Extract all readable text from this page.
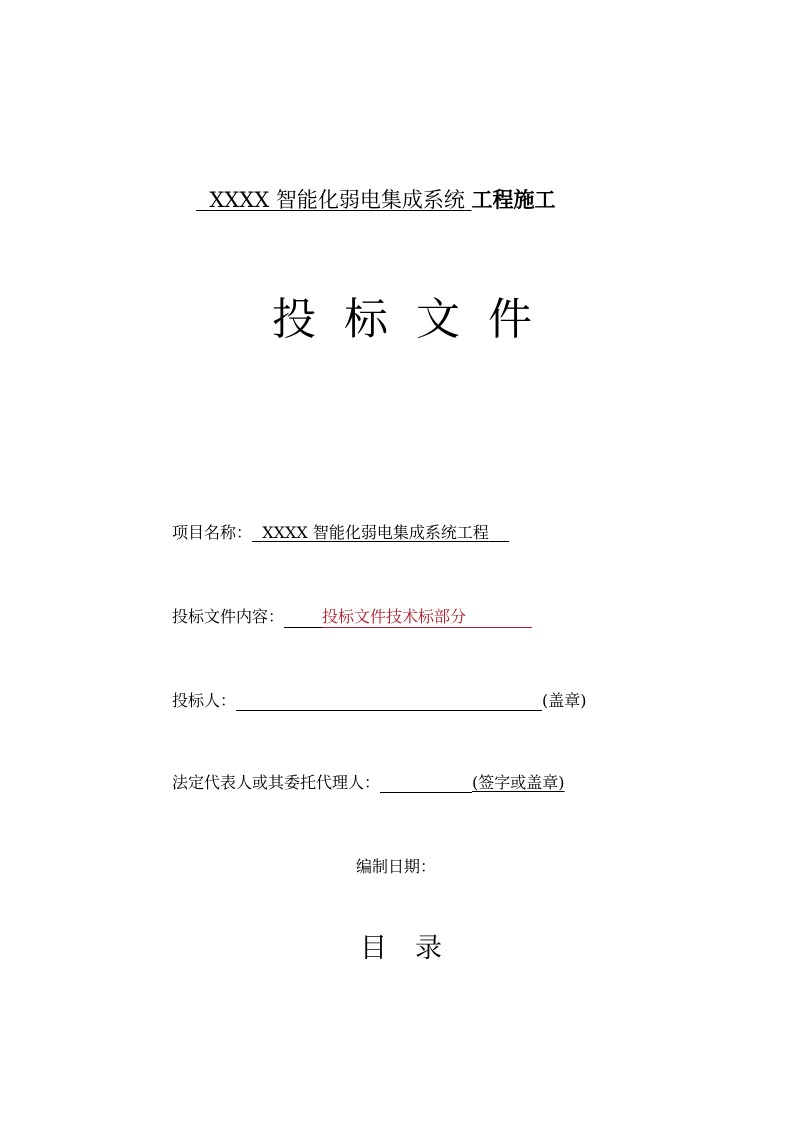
XXXX 智能化弱电集成系统 工程施工
投 标 文 件
项目名称： XXXX 智能化弱电集成系统工程
投标文件内容： 投标文件技术标部分
投标人：	(盖章)
法定代表人或其委托代理人：	(签字或盖章)
编制日期：
目 录
